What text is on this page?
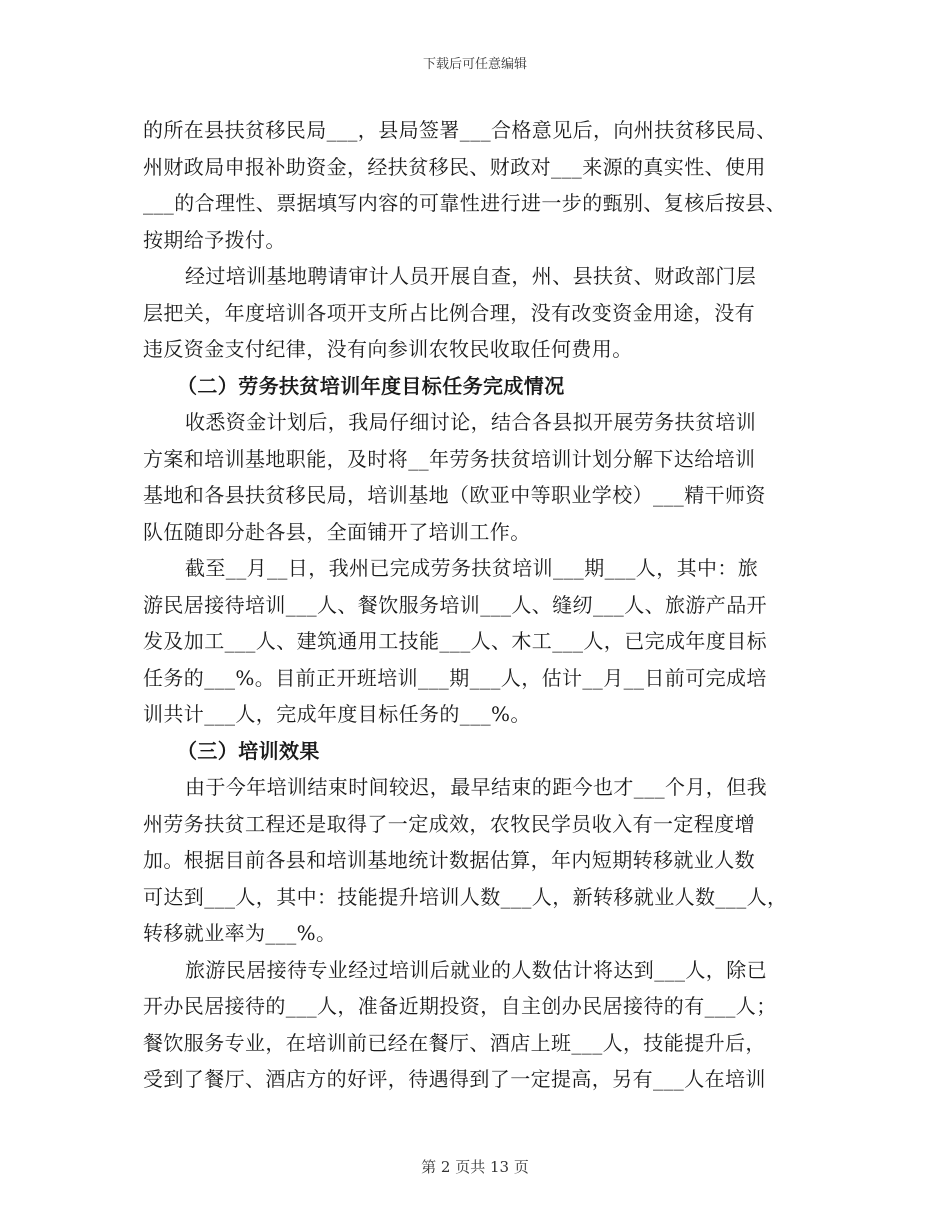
下载后可任意编辑
的所在县扶贫移民局___，县局签署___合格意见后，向州扶贫移民局、
州财政局申报补助资金，经扶贫移民、财政对___来源的真实性、使用
___的合理性、票据填写内容的可靠性进行进一步的甄别、复核后按县、
按期给予拨付。
经过培训基地聘请审计人员开展自查，州、县扶贫、财政部门层
层把关，年度培训各项开支所占比例合理，没有改变资金用途，没有
违反资金支付纪律，没有向参训农牧民收取任何费用。
（二）劳务扶贫培训年度目标任务完成情况
收悉资金计划后，我局仔细讨论，结合各县拟开展劳务扶贫培训
方案和培训基地职能，及时将__年劳务扶贫培训计划分解下达给培训
基地和各县扶贫移民局，培训基地（欧亚中等职业学校）___精干师资
队伍随即分赴各县，全面铺开了培训工作。
截至__月__日，我州已完成劳务扶贫培训___期___人，其中：旅
游民居接待培训___人、餐饮服务培训___人、缝纫___人、旅游产品开
发及加工___人、建筑通用工技能___人、木工___人，已完成年度目标
任务的___%。目前正开班培训___期___人，估计__月__日前可完成培
训共计___人，完成年度目标任务的___%。
（三）培训效果
由于今年培训结束时间较迟，最早结束的距今也才___个月，但我
州劳务扶贫工程还是取得了一定成效，农牧民学员收入有一定程度增
加。根据目前各县和培训基地统计数据估算，年内短期转移就业人数
可达到___人，其中：技能提升培训人数___人，新转移就业人数___人，
转移就业率为___%。
旅游民居接待专业经过培训后就业的人数估计将达到___人，除已
开办民居接待的___人，准备近期投资，自主创办民居接待的有___人；
餐饮服务专业，在培训前已经在餐厅、酒店上班___人，技能提升后，
受到了餐厅、酒店方的好评，待遇得到了一定提高，另有___人在培训
第 2 页共 13 页
